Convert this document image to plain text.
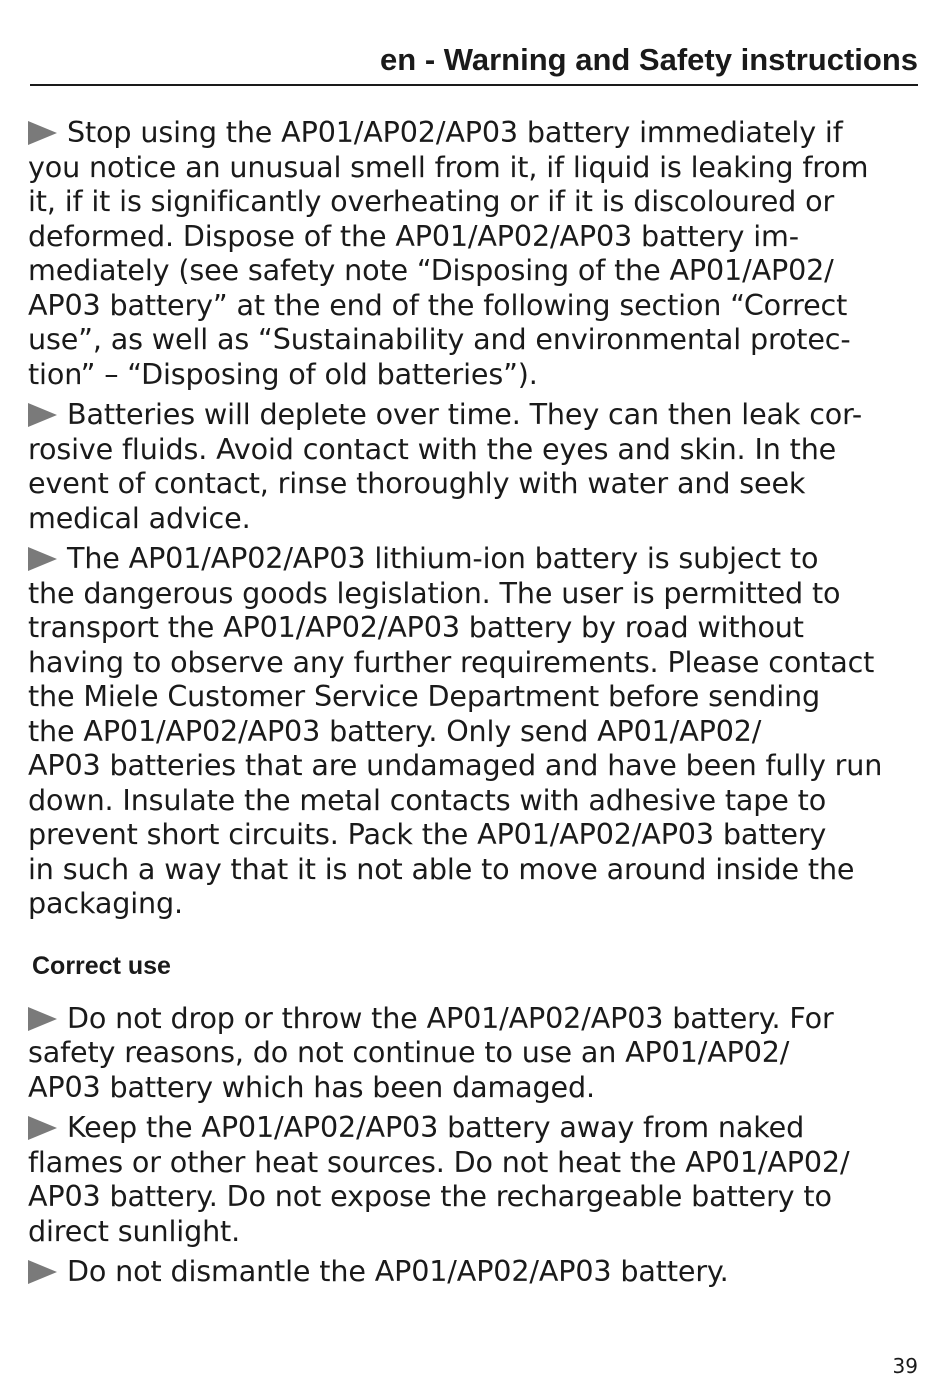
en - Warning and Safety instructions
Stop using the AP01/AP02/AP03 battery immediately if
you notice an unusual smell from it, if liquid is leaking from
it, if it is significantly overheating or if it is discoloured or
deformed. Dispose of the AP01/AP02/AP03 battery im-
mediately (see safety note “Disposing of the AP01/AP02/
AP03 battery” at the end of the following section “Correct
use”, as well as “Sustainability and environmental protec-
tion” – “Disposing of old batteries”).
Batteries will deplete over time. They can then leak cor-
rosive fluids. Avoid contact with the eyes and skin. In the
event of contact, rinse thoroughly with water and seek
medical advice.
The AP01/AP02/AP03 lithium-ion battery is subject to
the dangerous goods legislation. The user is permitted to
transport the AP01/AP02/AP03 battery by road without
having to observe any further requirements. Please contact
the Miele Customer Service Department before sending
the AP01/AP02/AP03 battery. Only send AP01/AP02/
AP03 batteries that are undamaged and have been fully run
down. Insulate the metal contacts with adhesive tape to
prevent short circuits. Pack the AP01/AP02/AP03 battery
in such a way that it is not able to move around inside the
packaging.
Correct use
Do not drop or throw the AP01/AP02/AP03 battery. For
safety reasons, do not continue to use an AP01/AP02/
AP03 battery which has been damaged.
Keep the AP01/AP02/AP03 battery away from naked
flames or other heat sources. Do not heat the AP01/AP02/
AP03 battery. Do not expose the rechargeable battery to
direct sunlight.
Do not dismantle the AP01/AP02/AP03 battery.
39
